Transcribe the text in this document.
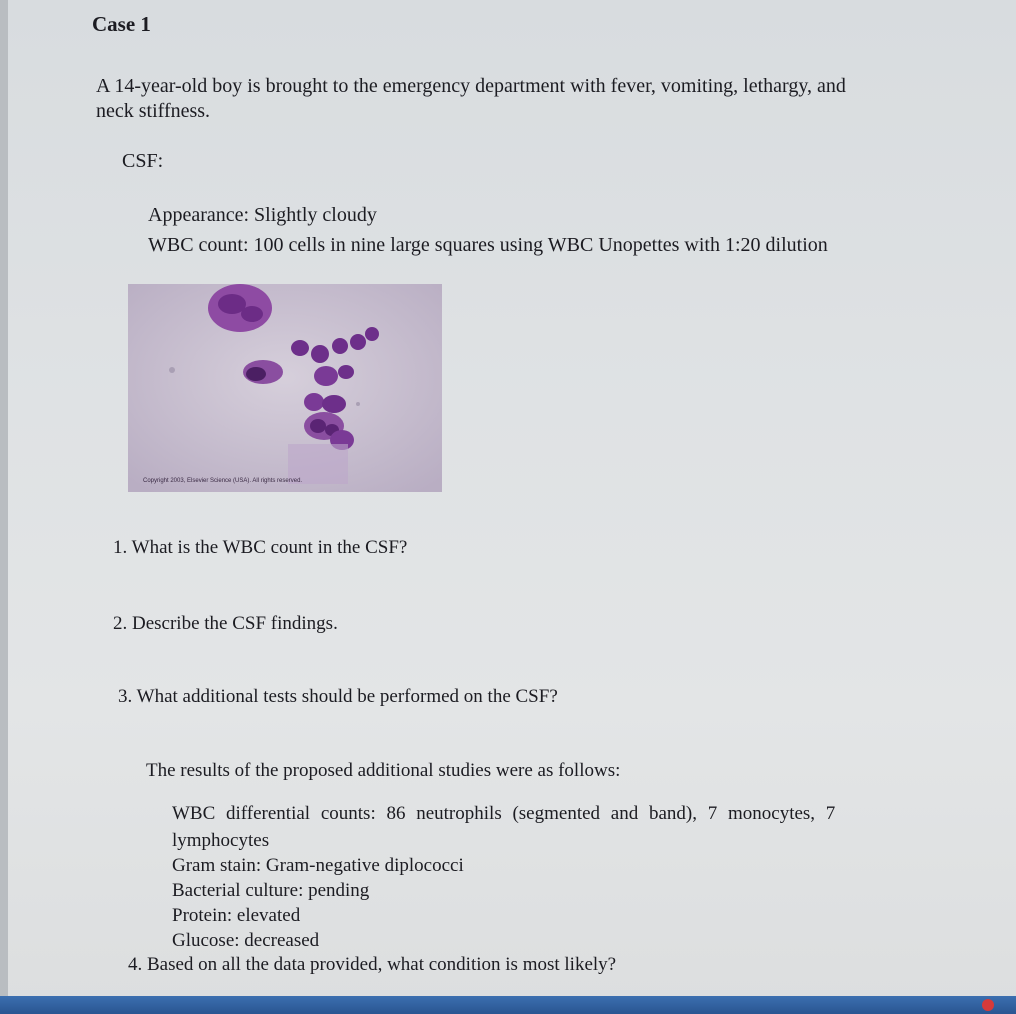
Case 1
A 14-year-old boy is brought to the emergency department with fever, vomiting, lethargy, and
neck stiffness.
CSF:
Appearance: Slightly cloudy
WBC count: 100 cells in nine large squares using WBC Unopettes with 1:20 dilution
Copyright 2003, Elsevier Science (USA). All rights reserved.
1. What is the WBC count in the CSF?
2. Describe the CSF findings.
3. What additional tests should be performed on the CSF?
The results of the proposed additional studies were as follows:
WBC differential counts: 86 neutrophils (segmented and band), 7 monocytes, 7
lymphocytes
Gram stain: Gram-negative diplococci
Bacterial culture: pending
Protein: elevated
Glucose: decreased
4. Based on all the data provided, what condition is most likely?
